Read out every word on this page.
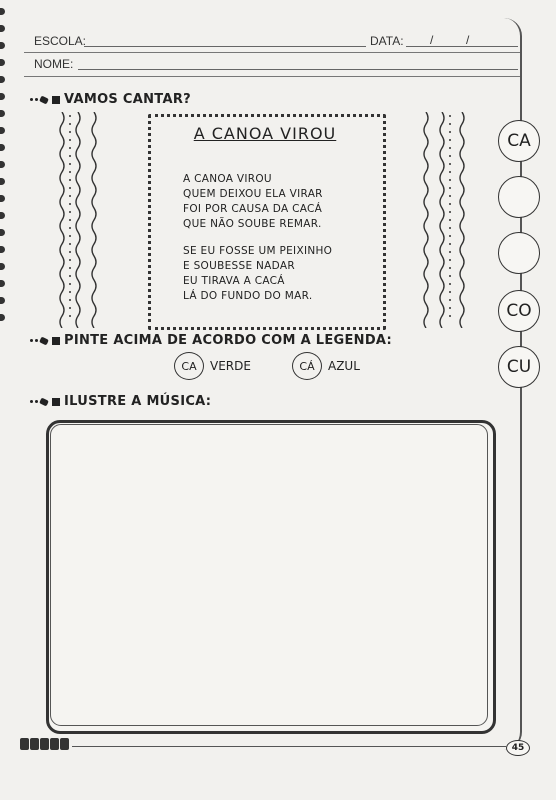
ESCOLA:	DATA: /	/
NOME:
VAMOS CANTAR?
A CANOA VIROU
A CANOA VIROU
QUEM DEIXOU ELA VIRAR
FOI POR CAUSA DA CACÁ
QUE NÃO SOUBE REMAR.
SE EU FOSSE UM PEIXINHO
E SOUBESSE NADAR
EU TIRAVA A CACÁ
LÁ DO FUNDO DO MAR.
CA
CO
CU
PINTE ACIMA DE ACORDO COM A LEGENDA:
CA	VERDE	CÁ	AZUL
ILUSTRE A MÚSICA:
45
